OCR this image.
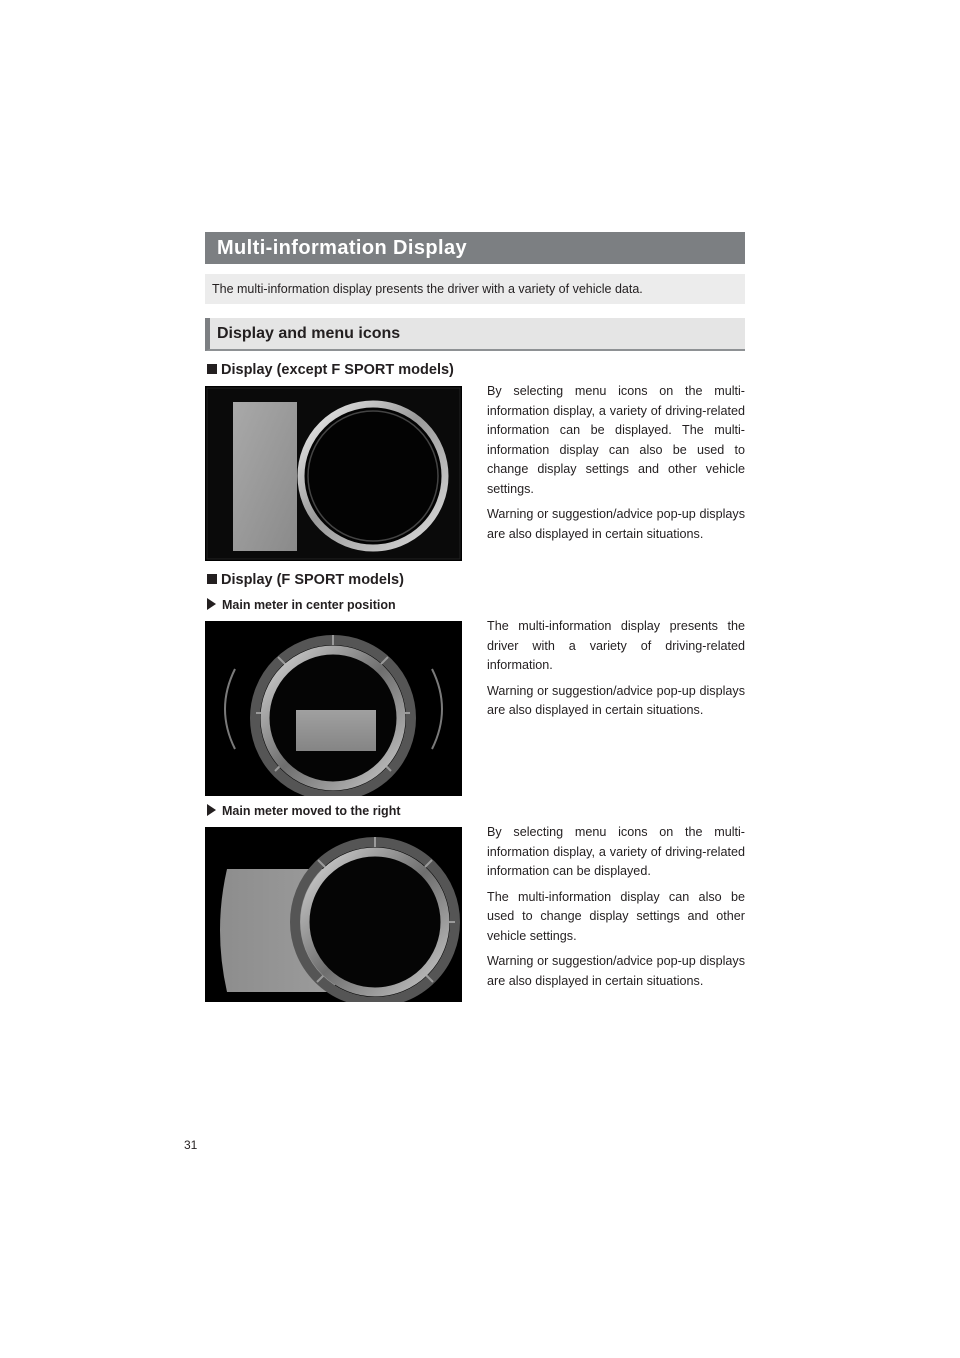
Multi-information Display
The multi-information display presents the driver with a variety of vehicle data.
Display and menu icons
Display (except F SPORT models)

By selecting menu icons on the multi-information display, a variety of driving-related information can be displayed. The multi-information display can also be used to change display settings and other vehicle settings.

Warning or suggestion/advice pop-up displays are also displayed in certain situations.

Display (F SPORT models)
Main meter in center position

The multi-information display presents the driver with a variety of driving-related information.

Warning or suggestion/advice pop-up displays are also displayed in certain situations.

Main meter moved to the right

By selecting menu icons on the multi-information display, a variety of driving-related information can be displayed.

The multi-information display can also be used to change display settings and other vehicle settings.

Warning or suggestion/advice pop-up displays are also displayed in certain situations.

31
